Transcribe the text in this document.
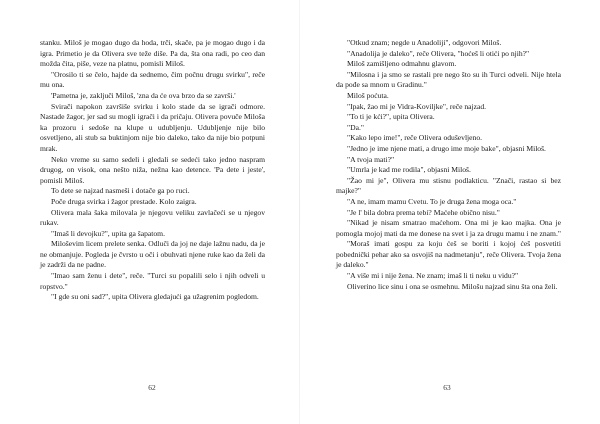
stanku. Miloš je mogao dugo da hoda, trči, skače, pa je mogao dugo i da igra. Primetio je da Olivera sve teže diše. Pa da, šta ona radi, po ceo dan možda čita, piše, veze na platnu, pomisli Miloš.

"Orosilo ti se čelo, hajde da sednemo, čim počnu drugu svirku", reče mu ona.

'Pametna je, zaključi Miloš, 'zna da će ova brzo da se završi.'

Svirači napokon završiše svirku i kolo stade da se igrači odmore. Nastade žagor, jer sad su mogli igrači i da pričaju. Olivera povuče Miloša ka prozoru i sedoše na klupe u udubljenju. Udubljenje nije bilo osvetljeno, ali stub sa buktinjom nije bio daleko, tako da nije bio potpuni mrak.

Neko vreme su samo sedeli i gledali se sedeći tako jedno naspram drugog, on visok, ona nešto niža, nežna kao detence. 'Pa dete i jeste', pomisli Miloš.

To dete se najzad nasmeši i dotače ga po ruci.

Poče druga svirka i žagor prestade. Kolo zaigra.

Olivera mala šaka milovala je njegovu veliku zavlačeći se u njegov rukav.

"Imaš li devojku?", upita ga šapatom.

Miloševim licem prelete senka. Odluči da joj ne daje lažnu nadu, da je ne obmanjuje. Pogleda je čvrsto u oči i obuhvati njene ruke kao da želi da je zadrži da ne padne.

"Imao sam ženu i dete", reče. "Turci su popalili selo i njih odveli u ropstvo."

"I gde su oni sad?", upita Olivera gledajući ga užagrenim pogledom.

62

"Otkud znam; negde u Anadoliji", odgovori Miloš.

"Anadolija je daleko", reče Olivera, "hoćeš li otići po njih?"

Miloš zamišljeno odmahnu glavom.

"Milosna i ja smo se rastali pre nego što su ih Turci odveli. Nije htela da pođe sa mnom u Gradinu."

Miloš poćuta.

"Ipak, žao mi je Vidra-Kovilјke", reče najzad.

"To ti je kći?", upita Olivera.

"Da."

"Kako lepo ime!", reče Olivera oduševljeno.

"Jedno je ime njene mati, a drugo ime moje bake", objasni Miloš.

"A tvoja mati?"

"Umrla je kad me rodila", objasni Miloš.

"Žao mi je", Olivera mu stisnu podlakticu. "Znači, rastao si bez majke?"

"A ne, imam mamu Cvetu. To je druga žena moga oca."

"Je l' bila dobra prema tebi? Maćehe obično nisu."

"Nikad je nisam smatrao maćehom. Ona mi je kao majka. Ona je pomogla mojoj mati da me donese na svet i ja za drugu mamu i ne znam."

"Moraš imati gospu za koju ćeš se boriti i kojoj ćeš posvetiti pobednički pehar ako sa osvojiš na nadmetanju", reče Olivera. Tvoja žena je daleko."

"A više mi i nije žena. Ne znam; imaš li ti neku u vidu?"

Oliverino lice sinu i ona se osmehnu. Milošu najzad sinu šta ona želi.

63
